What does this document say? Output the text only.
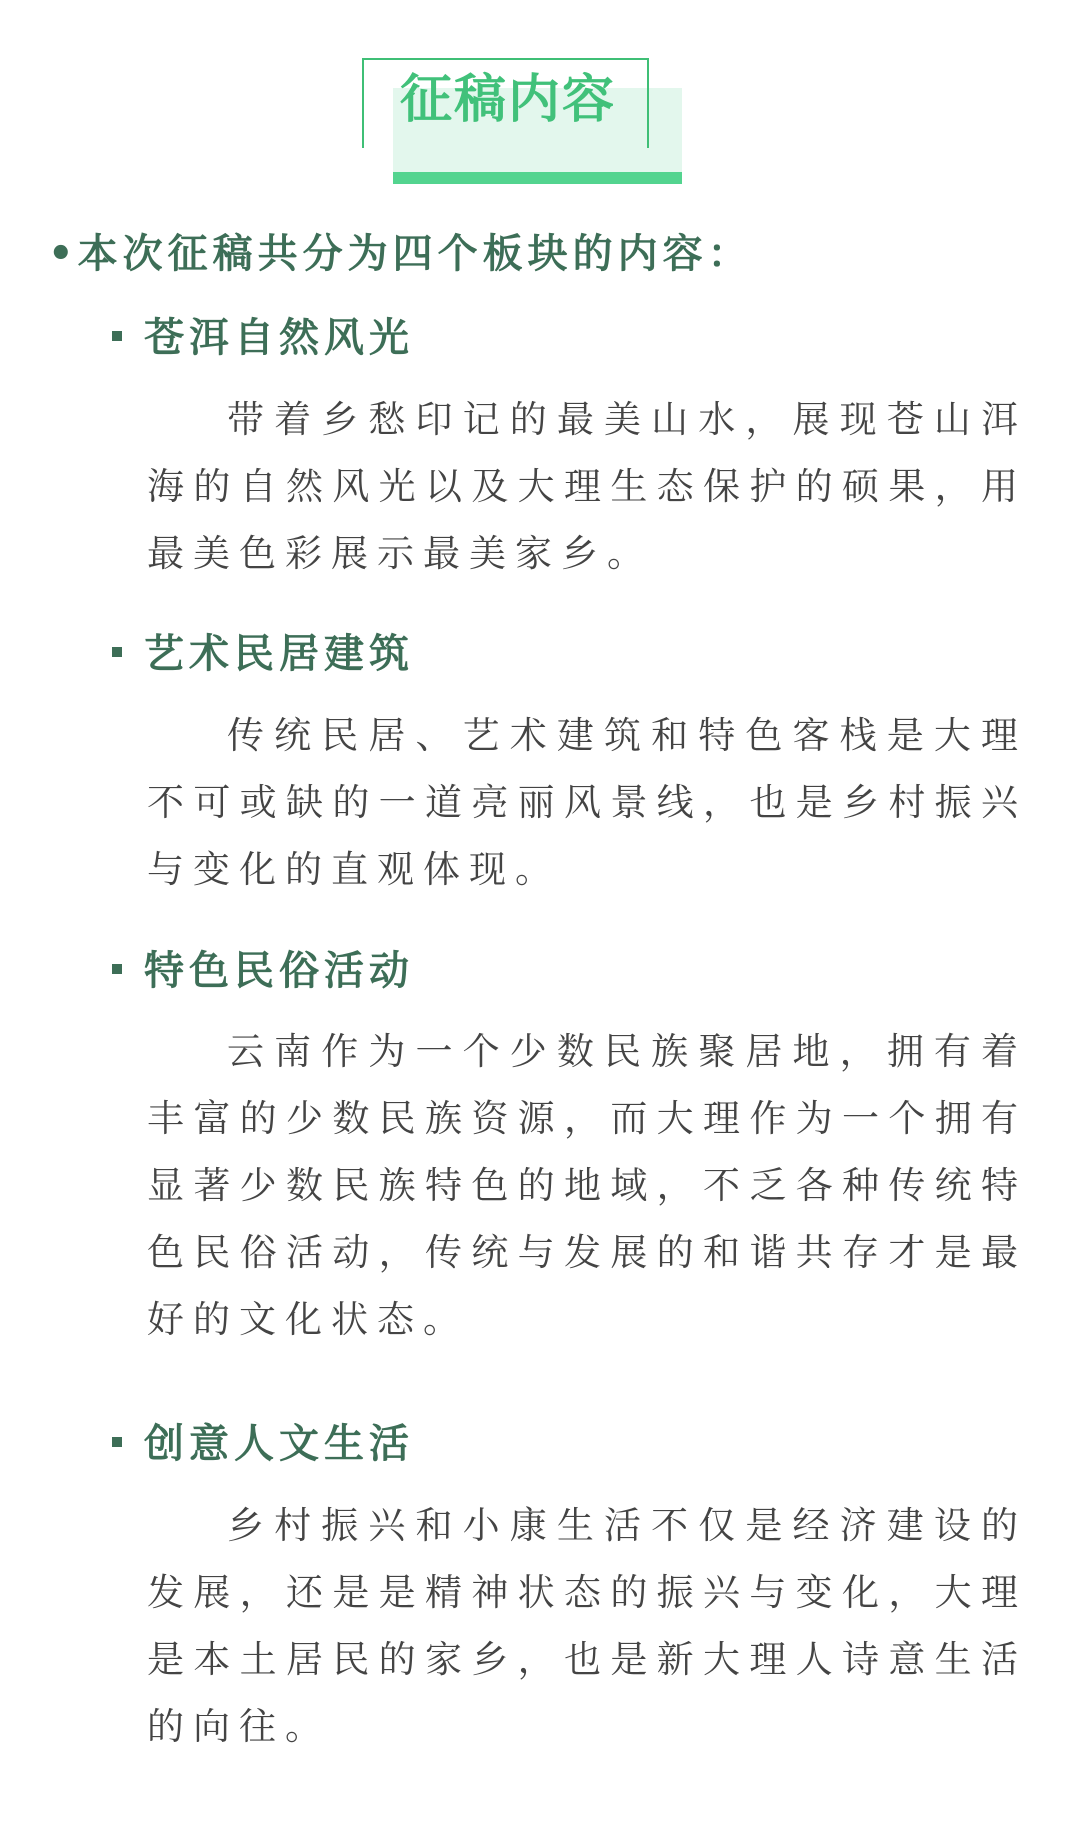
征稿内容
• 本次征稿共分为四个板块的内容：
苍洱自然风光

带着乡愁印记的最美山水，展现苍山洱海的自然风光以及大理生态保护的硕果，用最美色彩展示最美家乡。

艺术民居建筑

传统民居、艺术建筑和特色客栈是大理不可或缺的一道亮丽风景线，也是乡村振兴与变化的直观体现。

特色民俗活动

云南作为一个少数民族聚居地，拥有着丰富的少数民族资源，而大理作为一个拥有显著少数民族特色的地域，不乏各种传统特色民俗活动，传统与发展的和谐共存才是最好的文化状态。

创意人文生活

乡村振兴和小康生活不仅是经济建设的发展，还是是精神状态的振兴与变化，大理是本土居民的家乡，也是新大理人诗意生活的向往。
